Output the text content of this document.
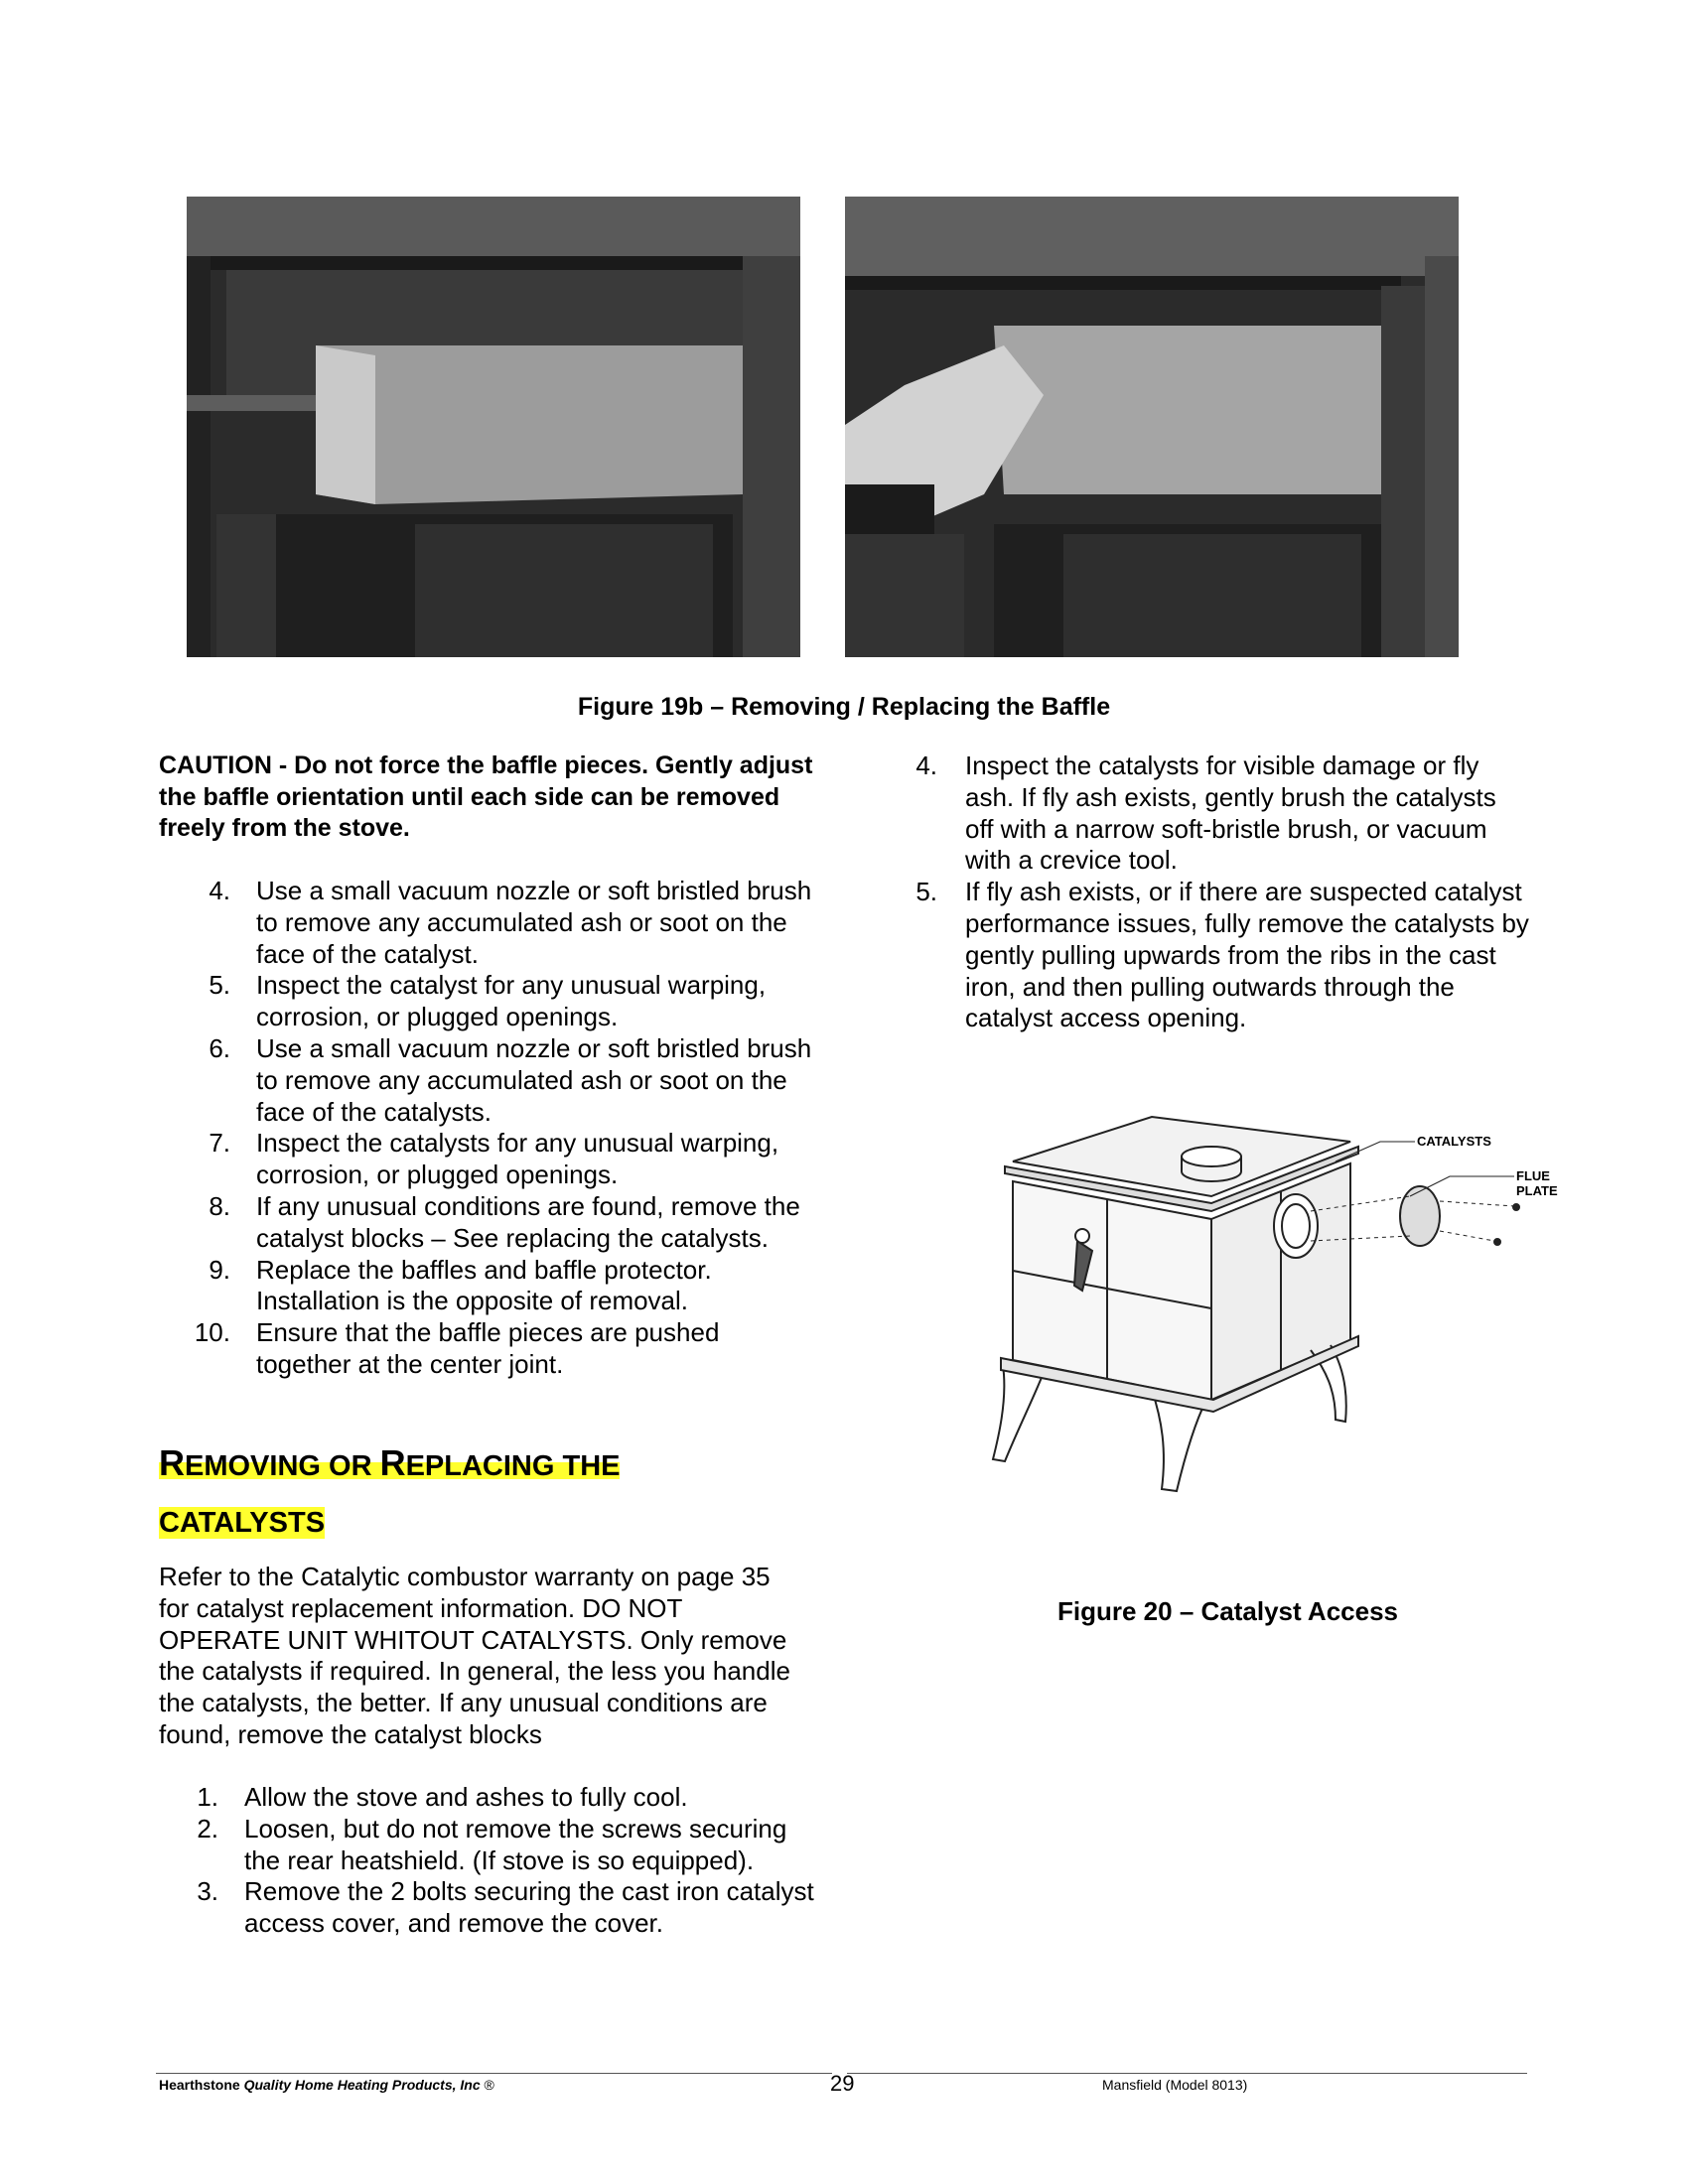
Figure 19b – Removing / Replacing the Baffle
CAUTION - Do not force the baffle pieces. Gently adjust the baffle orientation until each side can be removed freely from the stove.
4. Use a small vacuum nozzle or soft bristled brush to remove any accumulated ash or soot on the face of the catalyst.
5. Inspect the catalyst for any unusual warping, corrosion, or plugged openings.
6. Use a small vacuum nozzle or soft bristled brush to remove any accumulated ash or soot on the face of the catalysts.
7. Inspect the catalysts for any unusual warping, corrosion, or plugged openings.
8. If any unusual conditions are found, remove the catalyst blocks – See replacing the catalysts.
9. Replace the baffles and baffle protector. Installation is the opposite of removal.
10. Ensure that the baffle pieces are pushed together at the center joint.
REMOVING OR REPLACING THE
CATALYSTS
Refer to the Catalytic combustor warranty on page 35 for catalyst replacement information. DO NOT OPERATE UNIT WHITOUT CATALYSTS. Only remove the catalysts if required. In general, the less you handle the catalysts, the better. If any unusual conditions are found, remove the catalyst blocks
1. Allow the stove and ashes to fully cool.
2. Loosen, but do not remove the screws securing the rear heatshield. (If stove is so equipped).
3. Remove the 2 bolts securing the cast iron catalyst access cover, and remove the cover.
4. Inspect the catalysts for visible damage or fly ash. If fly ash exists, gently brush the catalysts off with a narrow soft-bristle brush, or vacuum with a crevice tool.
5. If fly ash exists, or if there are suspected catalyst performance issues, fully remove the catalysts by gently pulling upwards from the ribs in the cast iron, and then pulling outwards through the catalyst access opening.
CATALYSTS
FLUE PLATE
Figure 20 – Catalyst Access
Hearthstone Quality Home Heating Products, Inc ®	29	Mansfield (Model 8013)
